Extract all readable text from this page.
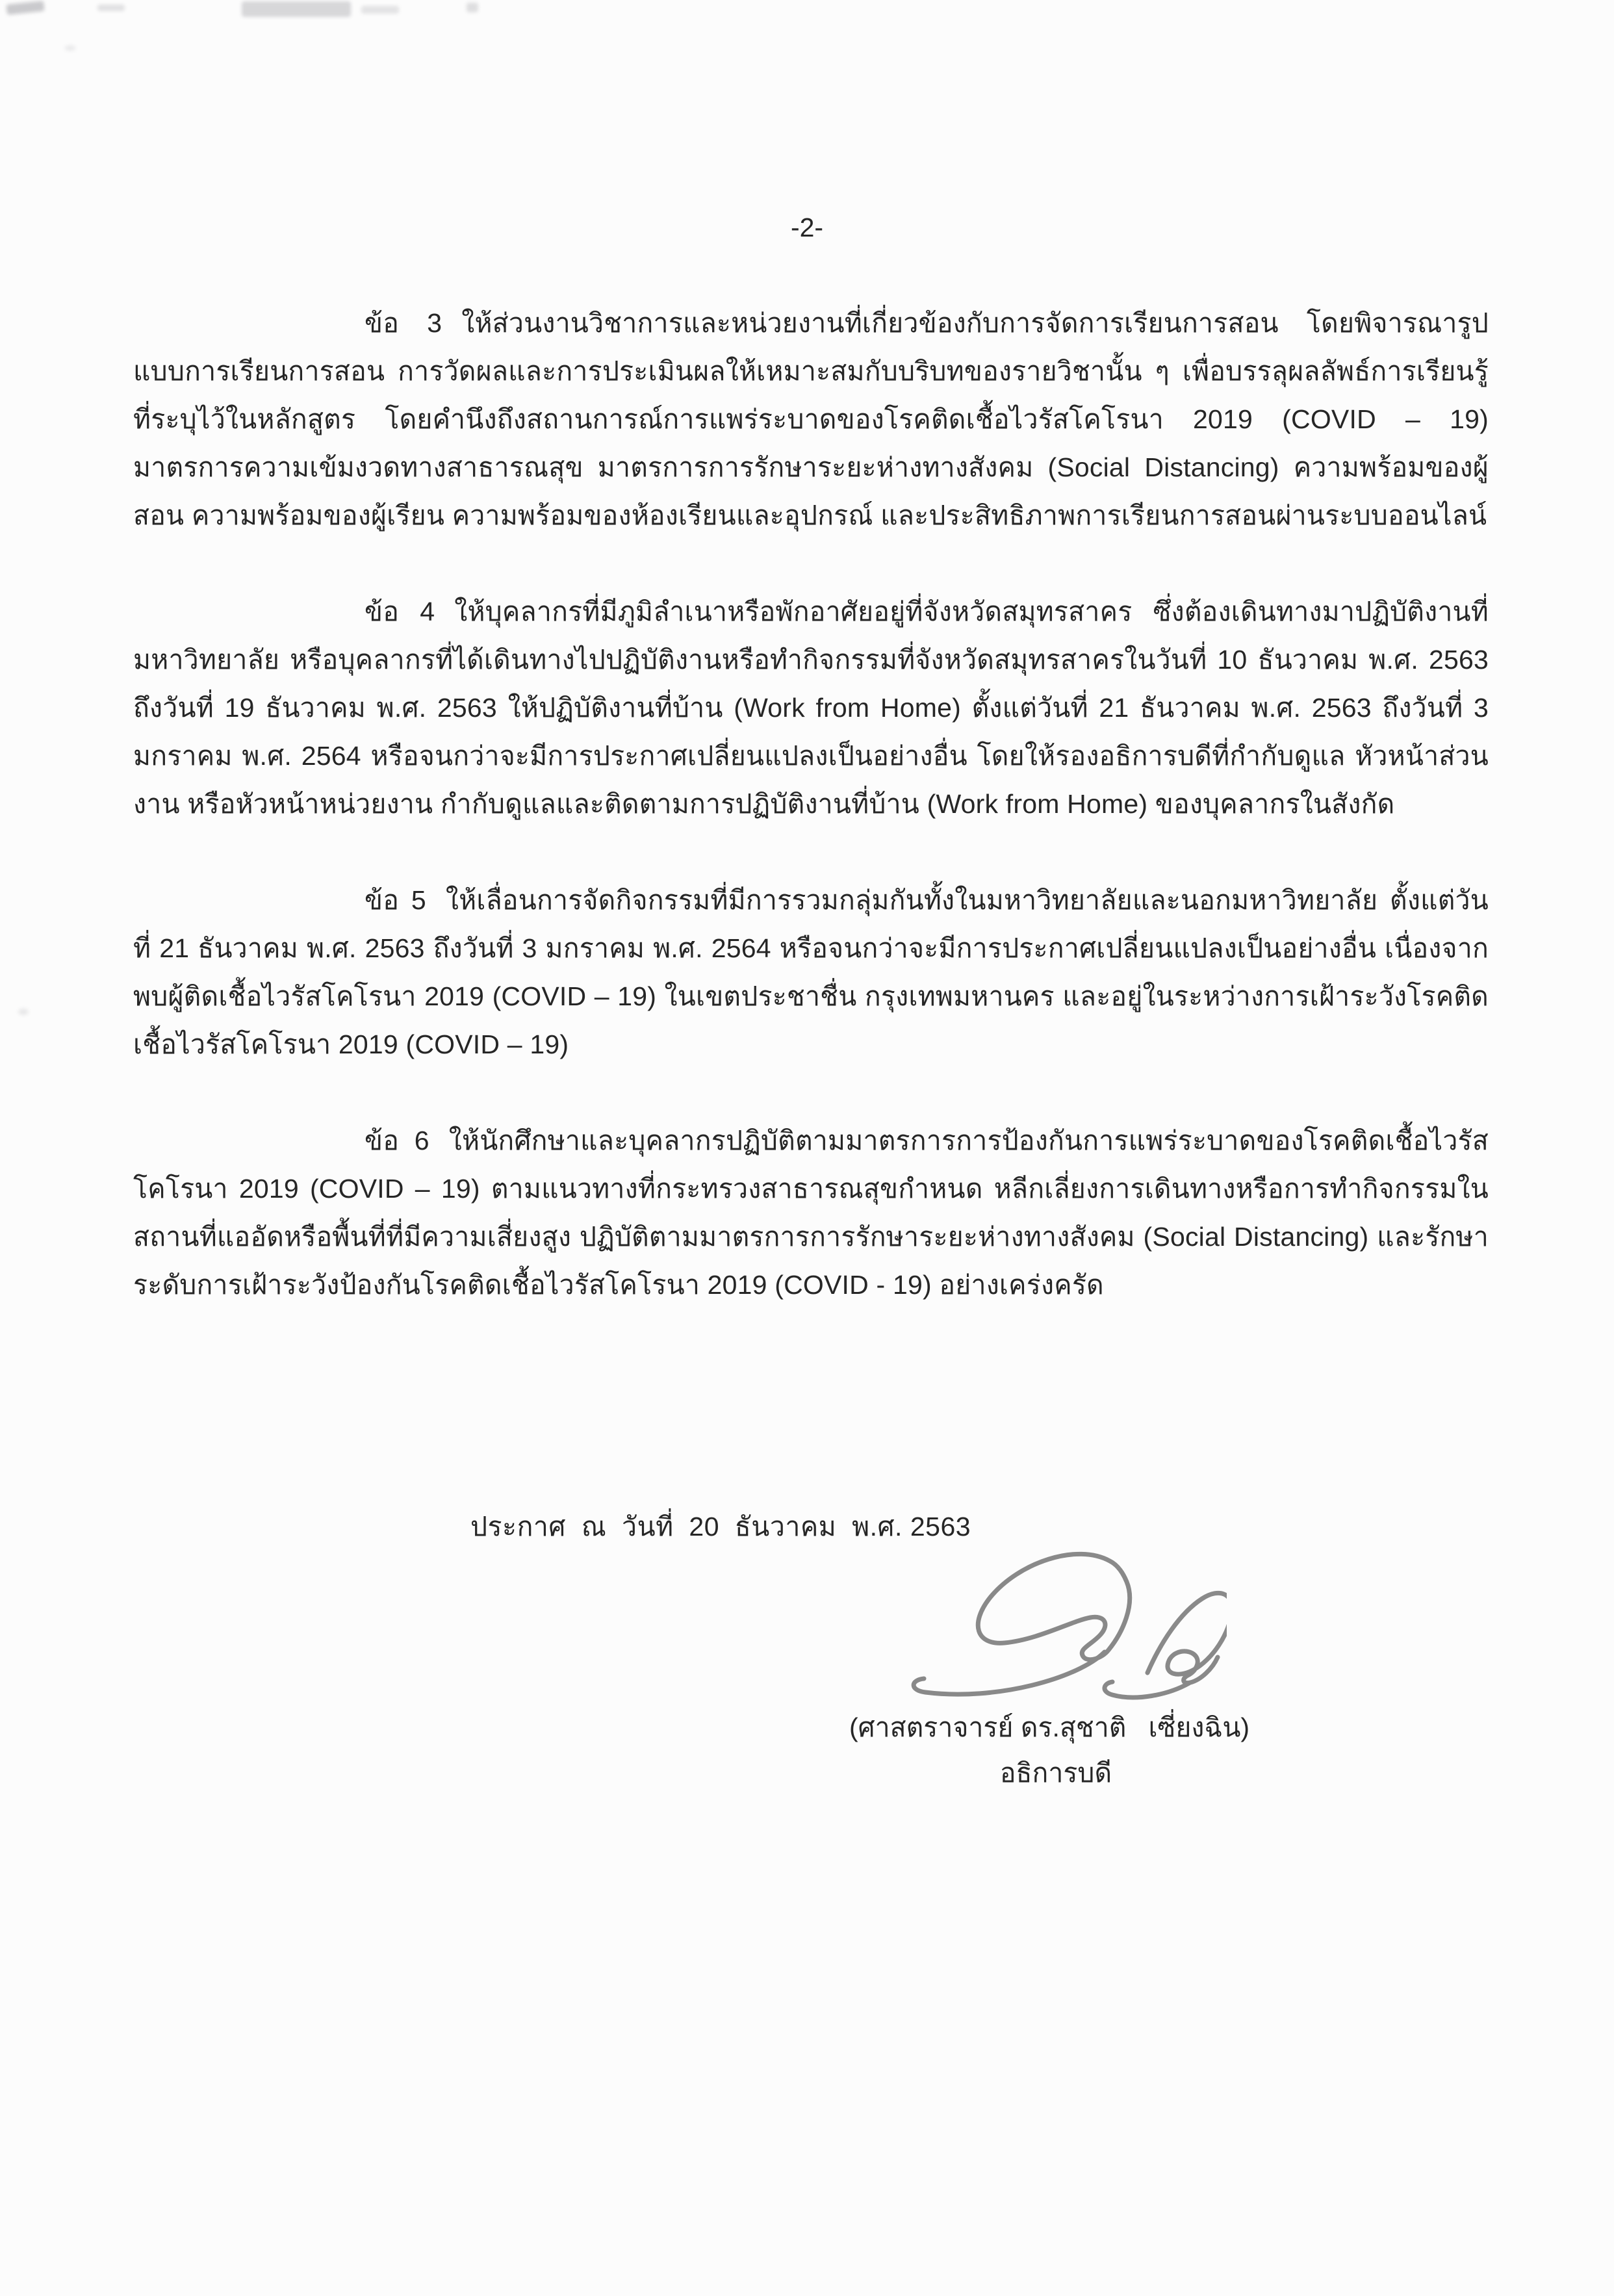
-2-

ข้อ 3 ให้ส่วนงานวิชาการและหน่วยงานที่เกี่ยวข้องกับการจัดการเรียนการสอน โดยพิจารณารูปแบบการเรียนการสอน การวัดผลและการประเมินผลให้เหมาะสมกับบริบทของรายวิชานั้น ๆ เพื่อบรรลุผลลัพธ์การเรียนรู้ที่ระบุไว้ในหลักสูตร โดยคำนึงถึงสถานการณ์การแพร่ระบาดของโรคติดเชื้อไวรัสโคโรนา 2019 (COVID – 19) มาตรการความเข้มงวดทางสาธารณสุข มาตรการการรักษาระยะห่างทางสังคม (Social Distancing) ความพร้อมของผู้สอน ความพร้อมของผู้เรียน ความพร้อมของห้องเรียนและอุปกรณ์ และประสิทธิภาพการเรียนการสอนผ่านระบบออนไลน์

ข้อ 4 ให้บุคลากรที่มีภูมิลำเนาหรือพักอาศัยอยู่ที่จังหวัดสมุทรสาคร ซึ่งต้องเดินทางมาปฏิบัติงานที่มหาวิทยาลัย หรือบุคลากรที่ได้เดินทางไปปฏิบัติงานหรือทำกิจกรรมที่จังหวัดสมุทรสาครในวันที่ 10 ธันวาคม พ.ศ. 2563 ถึงวันที่ 19 ธันวาคม พ.ศ. 2563 ให้ปฏิบัติงานที่บ้าน (Work from Home) ตั้งแต่วันที่ 21 ธันวาคม พ.ศ. 2563 ถึงวันที่ 3 มกราคม พ.ศ. 2564 หรือจนกว่าจะมีการประกาศเปลี่ยนแปลงเป็นอย่างอื่น โดยให้รองอธิการบดีที่กำกับดูแล หัวหน้าส่วนงาน หรือหัวหน้าหน่วยงาน กำกับดูแลและติดตามการปฏิบัติงานที่บ้าน (Work from Home) ของบุคลากรในสังกัด

ข้อ 5 ให้เลื่อนการจัดกิจกรรมที่มีการรวมกลุ่มกันทั้งในมหาวิทยาลัยและนอกมหาวิทยาลัย ตั้งแต่วันที่ 21 ธันวาคม พ.ศ. 2563 ถึงวันที่ 3 มกราคม พ.ศ. 2564 หรือจนกว่าจะมีการประกาศเปลี่ยนแปลงเป็นอย่างอื่น เนื่องจากพบผู้ติดเชื้อไวรัสโคโรนา 2019 (COVID – 19) ในเขตประชาชื่น กรุงเทพมหานคร และอยู่ในระหว่างการเฝ้าระวังโรคติดเชื้อไวรัสโคโรนา 2019 (COVID – 19)

ข้อ 6 ให้นักศึกษาและบุคลากรปฏิบัติตามมาตรการการป้องกันการแพร่ระบาดของโรคติดเชื้อไวรัสโคโรนา 2019 (COVID – 19) ตามแนวทางที่กระทรวงสาธารณสุขกำหนด หลีกเลี่ยงการเดินทางหรือการทำกิจกรรมในสถานที่แออัดหรือพื้นที่ที่มีความเสี่ยงสูง ปฏิบัติตามมาตรการการรักษาระยะห่างทางสังคม (Social Distancing) และรักษาระดับการเฝ้าระวังป้องกันโรคติดเชื้อไวรัสโคโรนา 2019 (COVID - 19) อย่างเคร่งครัด

ประกาศ  ณ  วันที่  20  ธันวาคม  พ.ศ. 2563
(ศาสตราจารย์ ดร.สุชาติ   เซี่ยงฉิน)
อธิการบดี
